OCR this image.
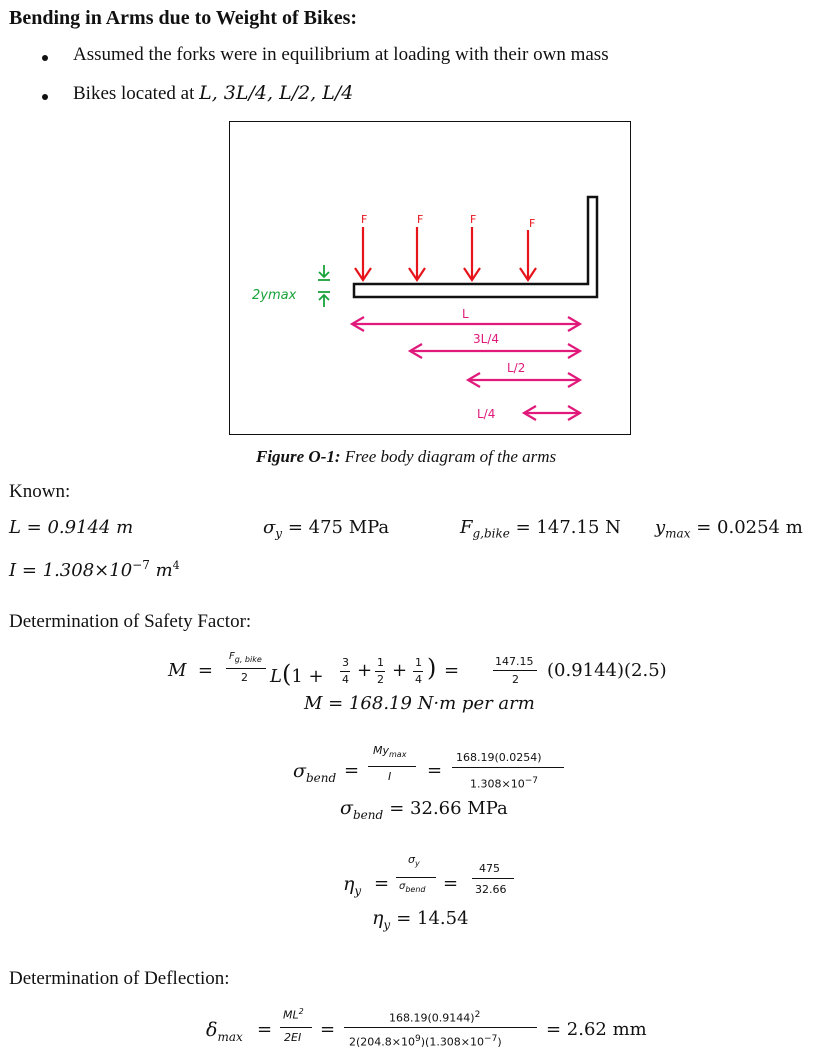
Bending in Arms due to Weight of Bikes:
Assumed the forks were in equilibrium at loading with their own mass
Bikes located at L, 3L/4, L/2, L/4
F	F	F	F
2ymax
L
3L/4
L/2
L/4
Figure O-1: Free body diagram of the arms
Known:
L = 0.9144 m	$\sigma_y = 475$ MPa	$F_{g,bike} = 147.15$ N $y_{max} = 0.0254$ m
$I = 1.308\times 10^{-7}$ $m^4$
Determination of Safety Factor:
M  =
$F_{g, bike}$
2 L(1 +
3
4 + 1
2 + 1
4 ) =	147.15
2 (0.9144)(2.5)
M = 168.19 N·m per arm
$\sigma_{bend}$ =
$My_{max}$
I =
168.19(0.0254)
$1.308\times 10^{-7}$
$\sigma_{bend} = 32.66$ MPa
$\eta_y$ =
$\sigma_y$
$\sigma_{bend}$ =
475
32.66
$\eta_y = 14.54$
Determination of Deflection:
$\delta_{max}$ =
$ML^2$
2EI =
$168.19(0.9144)^2$
$2(204.8\times 10^9)(1.308\times 10^{-7})$
= 2.62 mm
